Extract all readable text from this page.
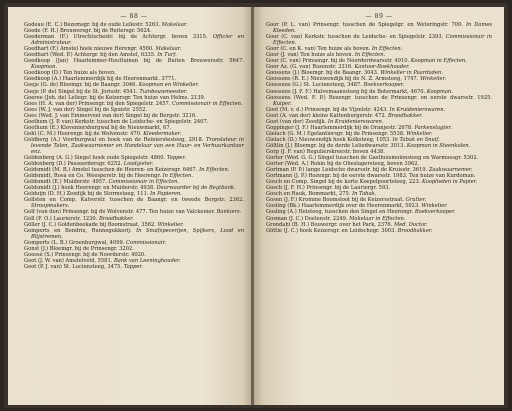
— 88 —
Godeau (E. C.) Bezemsgr. bij de oude Leliestr. 5263. Makelaar.
Goede (F. H.) Brouwersgr. bij de Reitersgr. 5624.
Goederman (F.) Utrechtschestr. bij de Achtergr. boven 3315. Officier en Administrateur.
Goedhart (F.) Amstel hoek nieuwe Herengr. 4560. Makelaar.
Goedhart (Wed. P.) Achtergr. bij den Amstel, 6335. In Turf.
Goedkoop (Jan) Haarlemmer-Houttuinen bij de Buiten Brouwersstr. 5647. Koopman.
Goedkoop (D.) Ten huize als boven.
Goedkoop (A.) Haarlemmerdijk bij de Heerenmarkt. 3771.
Goeje (G. de) Bloemgr. bij de Baangr. 3046. Koopman en Winkelier.
Goeje (P. de) Singel bij de St. Jorisstr. 4541. Tuinbouwmeester.
Goeree (Joh. de) Leliegr. bij de Keizersgr. Ten huize van Helms. 2139.
Goes (H. A. van der) Prinsengr. bij den Spiegelstr. 2457. Commissionair in Effecten.
Goes (W. J. van der) Singel bij de Spuistr. 2552.
Goes (Wed. J. van Emmerveel van der) Singel bij de Bergstr. 3216.
Goethem (J. P. van) Kerkstr. tusschen de Leidsche- en Spiegelstr. 2407.
Goethum (E.) Kloveniersburgwal bij de Nieuwmarkt, 67.
Gohl (C. M.) Heerengr. bij de Wolvenstr. 470. Kleedermaker.
Goldberg (A.) Voorburgwal en hoek van de Reinierstesteeg, 2918. Translateur in levende Talen, Zaakwaarnemer en Handelaar van een Huur- en Verhuurkantoor enz.
Goldenberg (A. G.) Singel hoek oude Spiegelstr. 4860. Tapper.
Goldenberg (D.) Passeerdersgr. 6252. Loodgieter.
Goldsmidt (M. B.) Amstel tusschen de Heeren- en Keizersgr. 6467. In Effecten.
Goldsmidt, Rosa en Co. Weesperstr. bij de Heerengr. In Effecten.
Goldsmidt (E.) Muiderstr. 4957. Commissionair in Effecten.
Goldsmidt (J.) hoek Heerengr. en Muiderstr. 4938. Deurwaarder bij de Regtbank.
Golduijn (D. H.) Zeedijk bij de Stormsteeg, 111. In Papieren.
Gollsten en Comp. Kalverstr. tusschen de Baangr. en tweede Bergstr. 2362. Stroopmakers.
Golf (van den) Prinsengr. bij de Wolvenstr. 477. Ten huize van Valckenier. Bankiers.
Goll (F. O.) Laurierstr. 1230. Broodbakker.
Göller (J. C.) Goldenbeekade bij Boomstraat, 3562. Winkelier.
Gomperts en Bendrix, Runnegukkerij. In Snuifspecerijen, Spijkers, Lood en Blijstremen.
Gomperts (L. B.) Groenburgwal, 4099. Commissionair.
Gonst (J.) Bloemgr. bij de Prinsengr. 3202.
Goossé (S.) Prinsengr. bij de Noorderstr. 4020.
Goot (J. W. van) Amstelveld, 5581. Bank van Leeninghouder.
Goot (P. J. van) St. Luciensteeg, 3475. Tapper.
— 89 —
Goor (P. L. van) Prinsengr. tusschen de Spiegelgr. en Weteringstr. 700. In Dames Kleeden.
Goor (C. van) Kerkstr. tusschen de Leidsche- en Spiegelstr. 2393. Commissionair in Effecten.
Goor (C. en K. van) Ten huize als boven. In Effecten.
Goor (J. van) Ten huize als boven. In Effecten.
Goor (C. van) Prinsengr. bij de Noorderdwarsstr. 4910. Koopman in Effecten.
Goor Az. (G. van) Rozenstr. 3316. Kantoor-Boekhouder.
Goossens (J.) Bloemgr. bij de Baangr. 3043. Winkelier in Paardaden.
Goossens (R. E.) Nieuwendijk bij de N. Z. Armsteeg, 1747. Winkelier.
Goossens (G.) St. Luciensteeg, 3487. Boekverkooper.
Goossens (J. F. F.) Halvemaanssteeg bij de Botermarkt, 4670. Koopman.
Goossens (Wed. F. P.) Rozengr. tusschen de Prinsengr. en eerste dwarsstr. 1925. Kuiper.
Goot (M. v. d.) Prinsengr. bij de Vijzelstr. 4243. In Kruidenierswaren.
Goot (A. van der) kleine Kattenburgerstr. 472. Broodbakker.
Goot (van der) Zeedijk. In Kruidenierswaren.
Goppinger (J. F.) Haarlemmerdijk bij de Oranjestr. 2678. Parkenslagter.
Gielach (G. M.) Egelantiersgr. bij de Prinsengr. 5538. Winkelier.
Gielach (D.) Nieuwendijk hoek Kolksteeg, 1053. In Tabak en Snuif.
Göltlin (J.) Bloemgr. bij de derde Leliedwarsstr. 3013. Koopman in Steenkolen.
Gorp (J. F. van) Regulierskreestr. boven 4438.
Gorter (Wed. G. G.) Singel tusschen de Gasthuismolensteeg en Warmoesgr. 5302.
Gorter (Wed. A.) Rokin bij de Olieslagersteeg, boven 3962.
Gortman (P. P.) lange Leidsche dwarsstr. bij de Kruisstr. 3619. Zaakwaarnemer.
Gortmann (J. P.) Rozengr. bij de eerste dwarsstr. 1983. Ten huize van Kurdoman.
Gosch en Comp. Singel bij de korte Koepelpoortsteeg, 223. Kooplieden in Papier.
Gosch (J. F. H.) Prinsengr. bij de Lauriergr. 593.
Gosch en Rauk, Bommarkt, 275. In Tabak.
Gosen (J. F.) Kromme Boomsloot bij de Keizersstraat. Grutter.
Gosling (Bk.) Haarlemmerdijk over de Heerenmarkt, 5023. Winkelier.
Gosling (A.) Heisteeg, tusschen den Singel en Heerengr. Boekverkooper.
Gosman (J. C.) Doelenstr. 2249. Makelaar in Effecten.
Grondahl (B. H.) Bouwergr. over het Park, 2376. Med. Doctor.
Göttie (J. C.) hoek Keizersgr. en Leidschegr. 3003. Broodbakker.
